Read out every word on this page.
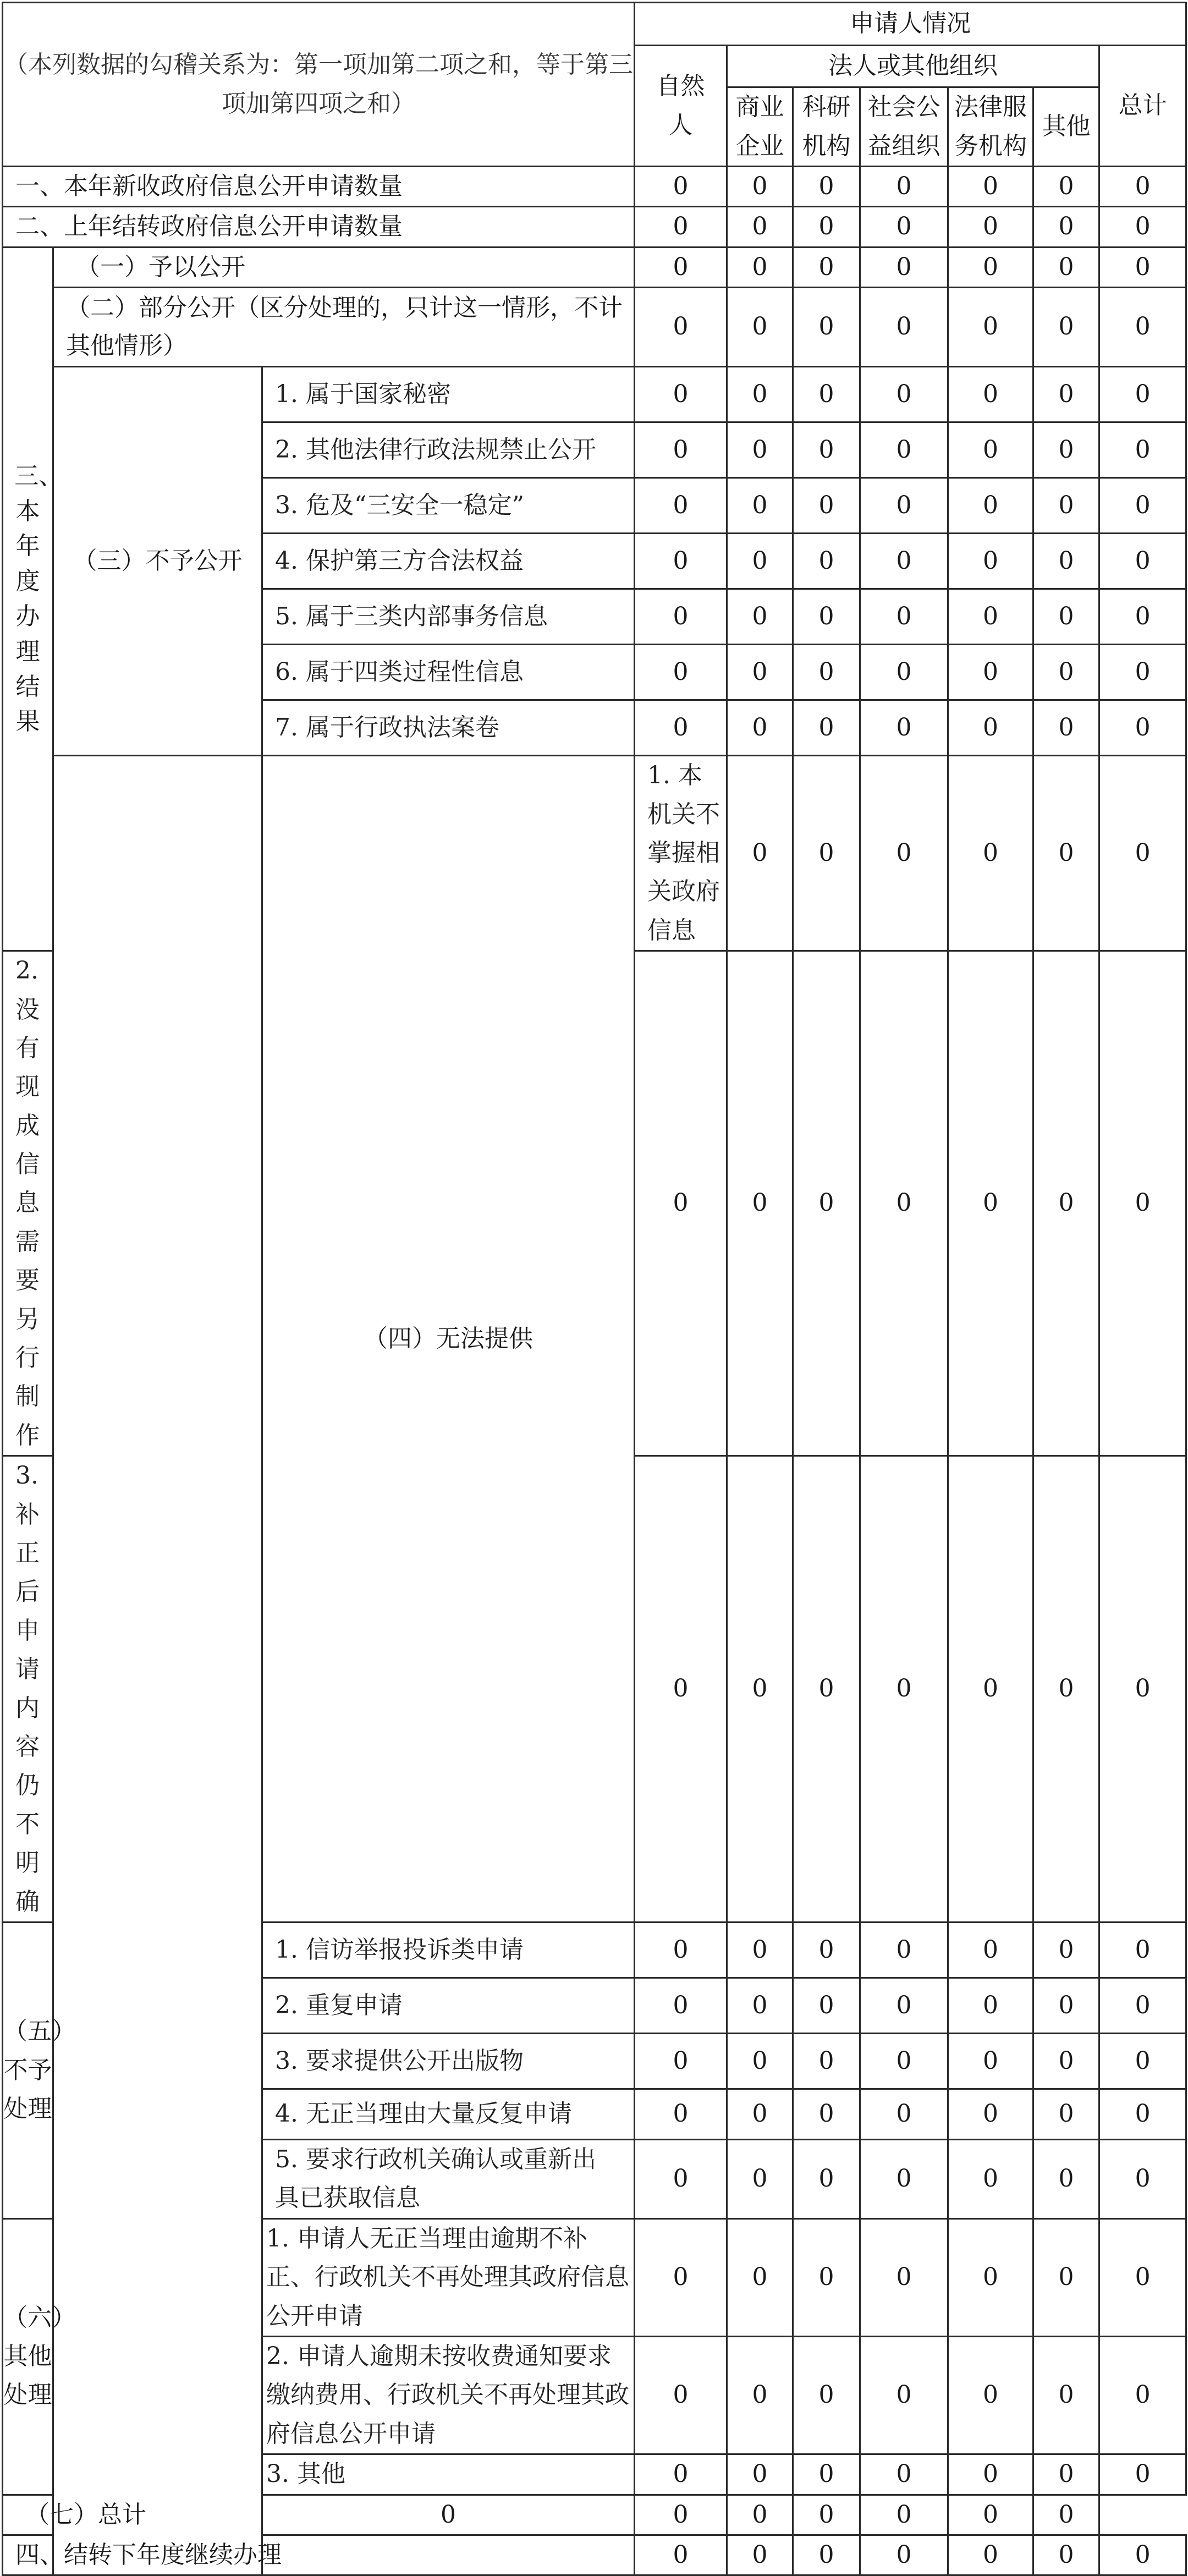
（本列数据的勾稽关系为：第一项加第二项之和，等于第三项加第四项之和）			申请人情况							

			自然人	法人或其他组织					总计	

				商业企业	科研机构	社会公益组织	法律服务机构	其他		
一、本年新收政府信息公开申请数量			0	0	0	0	0	0	0	
二、上年结转政府信息公开申请数量			0	0	0	0	0	0	0	

三、本年度办理结果	（一）予以公开		0	0	0	0	0	0	0	

	（二）部分公开（区分处理的，只计这一情形，不计其他情形）		0	0	0	0	0	0	0	
	（三）不予公开	1. 属于国家秘密	0	0	0	0	0	0	0	
		2. 其他法律行政法规禁止公开	0	0	0	0	0	0	0	
		3. 危及“三安全一稳定”	0	0	0	0	0	0	0	
		4. 保护第三方合法权益	0	0	0	0	0	0	0	
		5. 属于三类内部事务信息	0	0	0	0	0	0	0	
		6. 属于四类过程性信息	0	0	0	0	0	0	0	
		7. 属于行政执法案卷	0	0	0	0	0	0	0	
		（四）无法提供	1. 本机关不掌握相关政府信息	0	0	0	0	0	0	
2. 没有现成信息需要另行制作			0	0	0	0	0	0	0	
3. 补正后申请内容仍不明确			0	0	0	0	0	0	0	
（五）不予处理		1. 信访举报投诉类申请	0	0	0	0	0	0	0	
		2. 重复申请	0	0	0	0	0	0	0	
		3. 要求提供公开出版物	0	0	0	0	0	0	0	
		4. 无正当理由大量反复申请	0	0	0	0	0	0	0	

		5. 要求行政机关确认或重新出具已获取信息	0	0	0	0	0	0	0	
（六）其他处理		1. 申请人无正当理由逾期不补正、行政机关不再处理其政府信息公开申请	0	0	0	0	0	0	0	
		2. 申请人逾期未按收费通知要求缴纳费用、行政机关不再处理其政府信息公开申请	0	0	0	0	0	0	0	
		3. 其他	0	0	0	0	0	0	0	
（七）总计		0	0	0	0	0	0	0		
四、结转下年度继续办理			0	0	0	0	0	0	0	
